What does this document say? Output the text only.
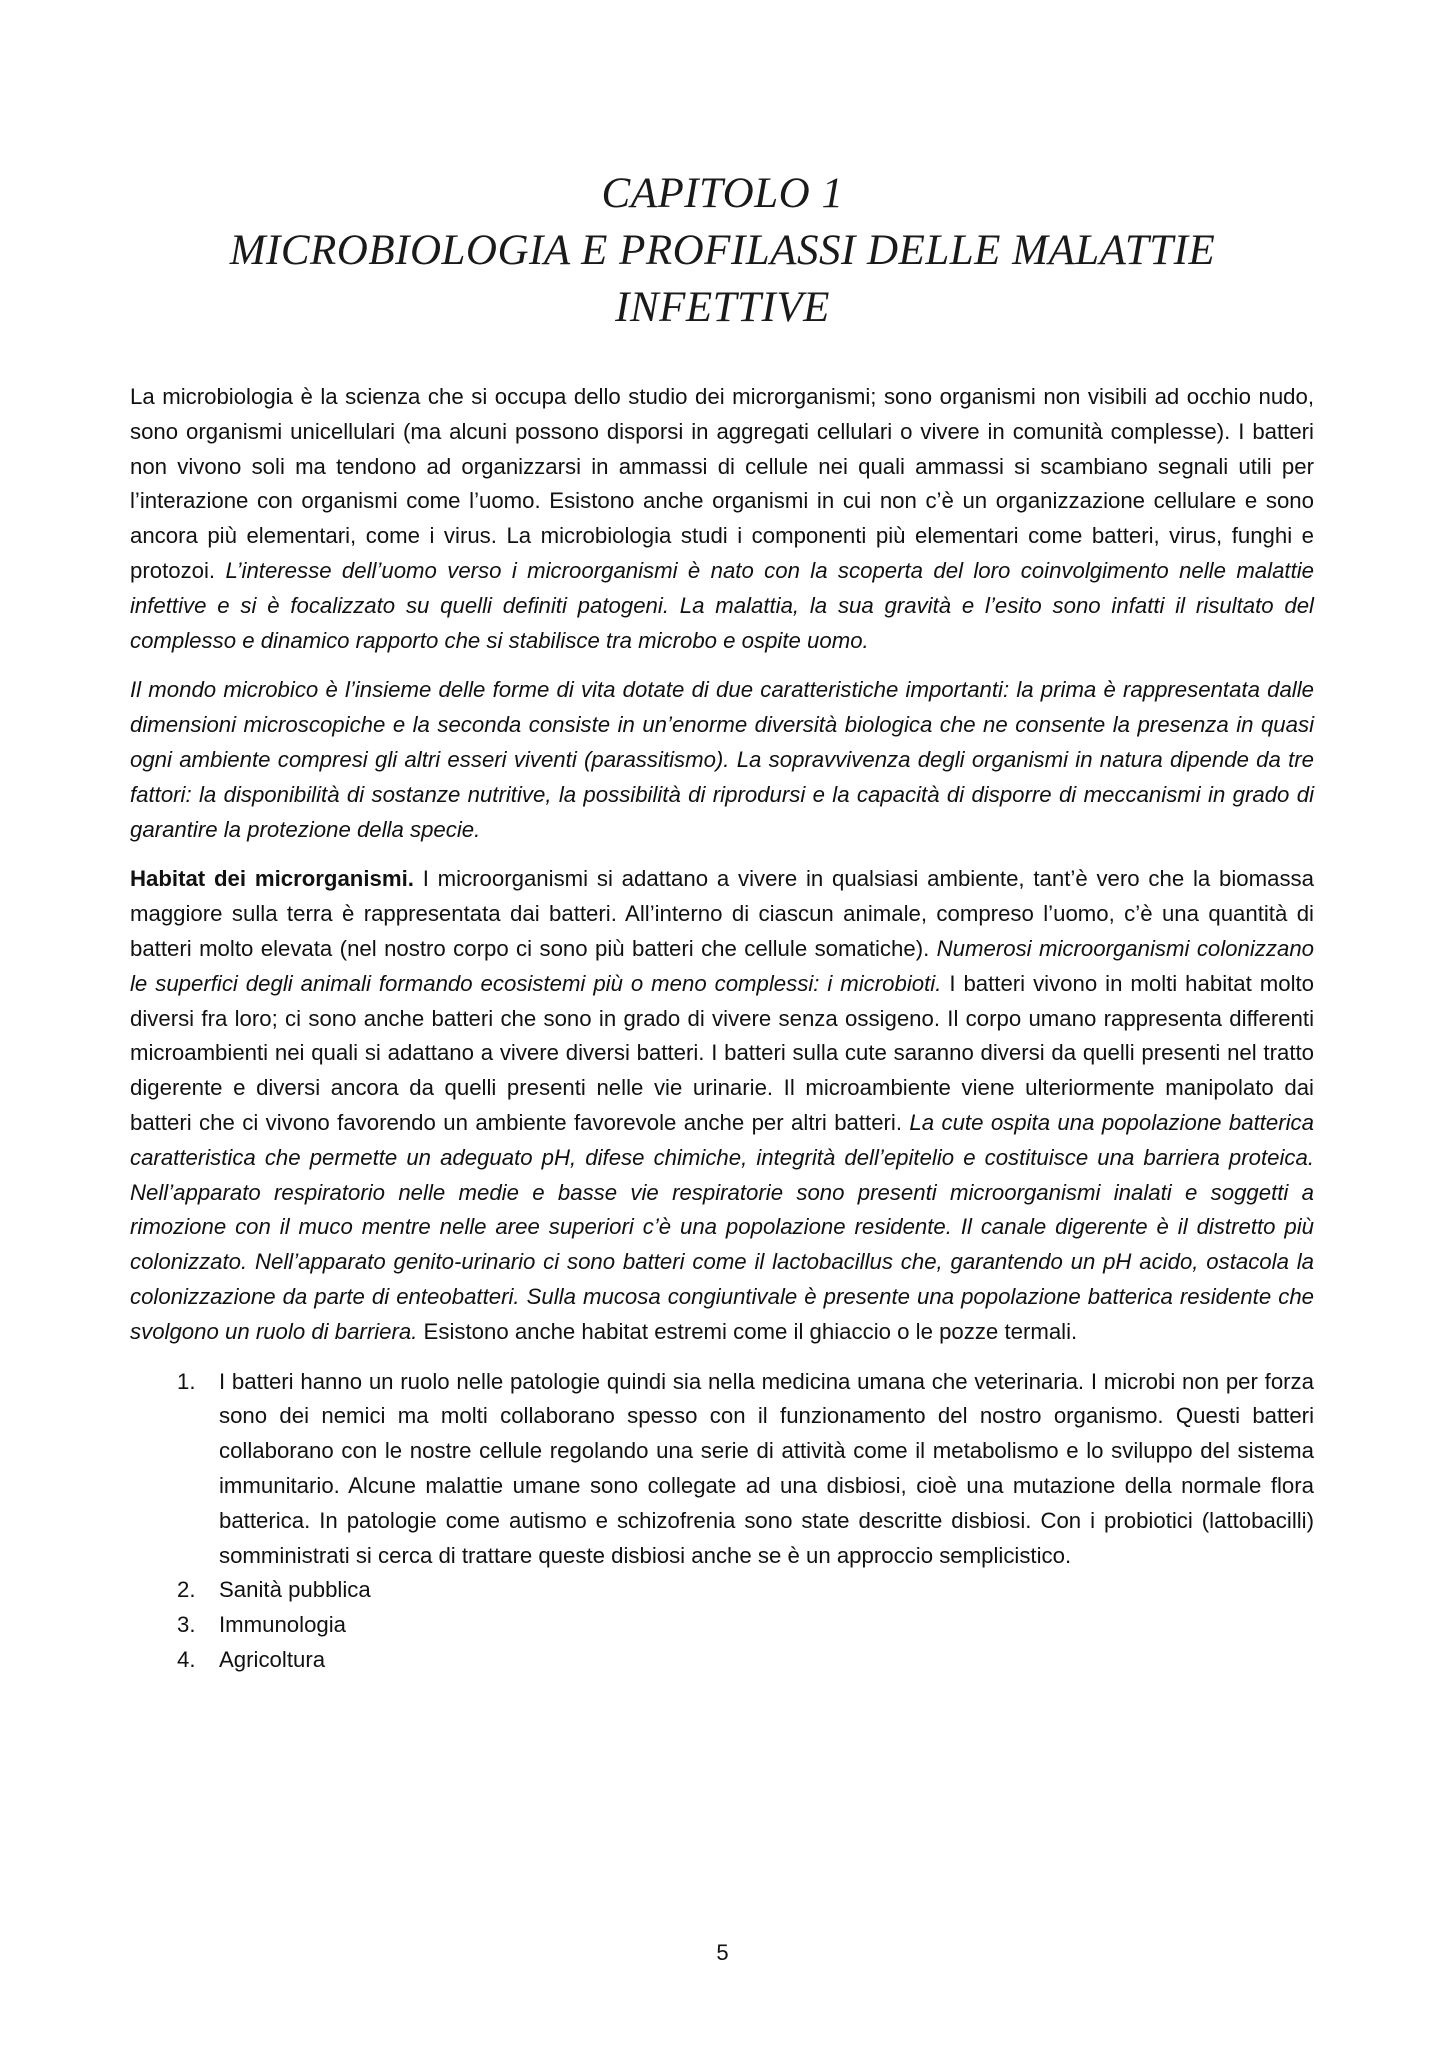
CAPITOLO 1
MICROBIOLOGIA E PROFILASSI DELLE MALATTIE
INFETTIVE

La microbiologia è la scienza che si occupa dello studio dei microrganismi; sono organismi non visibili ad occhio nudo, sono organismi unicellulari (ma alcuni possono disporsi in aggregati cellulari o vivere in comunità complesse). I batteri non vivono soli ma tendono ad organizzarsi in ammassi di cellule nei quali ammassi si scambiano segnali utili per l’interazione con organismi come l’uomo. Esistono anche organismi in cui non c’è un organizzazione cellulare e sono ancora più elementari, come i virus. La microbiologia studi i componenti più elementari come batteri, virus, funghi e protozoi. L’interesse dell’uomo verso i microorganismi è nato con la scoperta del loro coinvolgimento nelle malattie infettive e si è focalizzato su quelli definiti patogeni. La malattia, la sua gravità e l’esito sono infatti il risultato del complesso e dinamico rapporto che si stabilisce tra microbo e ospite uomo.

Il mondo microbico è l’insieme delle forme di vita dotate di due caratteristiche importanti: la prima è rappresentata dalle dimensioni microscopiche e la seconda consiste in un’enorme diversità biologica che ne consente la presenza in quasi ogni ambiente compresi gli altri esseri viventi (parassitismo). La sopravvivenza degli organismi in natura dipende da tre fattori: la disponibilità di sostanze nutritive, la possibilità di riprodursi e la capacità di disporre di meccanismi in grado di garantire la protezione della specie.

Habitat dei microrganismi. I microorganismi si adattano a vivere in qualsiasi ambiente, tant’è vero che la biomassa maggiore sulla terra è rappresentata dai batteri. All’interno di ciascun animale, compreso l’uomo, c’è una quantità di batteri molto elevata (nel nostro corpo ci sono più batteri che cellule somatiche). Numerosi microorganismi colonizzano le superfici degli animali formando ecosistemi più o meno complessi: i microbioti. I batteri vivono in molti habitat molto diversi fra loro; ci sono anche batteri che sono in grado di vivere senza ossigeno. Il corpo umano rappresenta differenti microambienti nei quali si adattano a vivere diversi batteri. I batteri sulla cute saranno diversi da quelli presenti nel tratto digerente e diversi ancora da quelli presenti nelle vie urinarie. Il microambiente viene ulteriormente manipolato dai batteri che ci vivono favorendo un ambiente favorevole anche per altri batteri. La cute ospita una popolazione batterica caratteristica che permette un adeguato pH, difese chimiche, integrità dell’epitelio e costituisce una barriera proteica. Nell’apparato respiratorio nelle medie e basse vie respiratorie sono presenti microorganismi inalati e soggetti a rimozione con il muco mentre nelle aree superiori c’è una popolazione residente. Il canale digerente è il distretto più colonizzato. Nell’apparato genito-urinario ci sono batteri come il lactobacillus che, garantendo un pH acido, ostacola la colonizzazione da parte di enteobatteri. Sulla mucosa congiuntivale è presente una popolazione batterica residente che svolgono un ruolo di barriera. Esistono anche habitat estremi come il ghiaccio o le pozze termali.

1. I batteri hanno un ruolo nelle patologie quindi sia nella medicina umana che veterinaria. I microbi non per forza sono dei nemici ma molti collaborano spesso con il funzionamento del nostro organismo. Questi batteri collaborano con le nostre cellule regolando una serie di attività come il metabolismo e lo sviluppo del sistema immunitario. Alcune malattie umane sono collegate ad una disbiosi, cioè una mutazione della normale flora batterica. In patologie come autismo e schizofrenia sono state descritte disbiosi. Con i probiotici (lattobacilli) somministrati si cerca di trattare queste disbiosi anche se è un approccio semplicistico.
2. Sanità pubblica
3. Immunologia
4. Agricoltura
5
